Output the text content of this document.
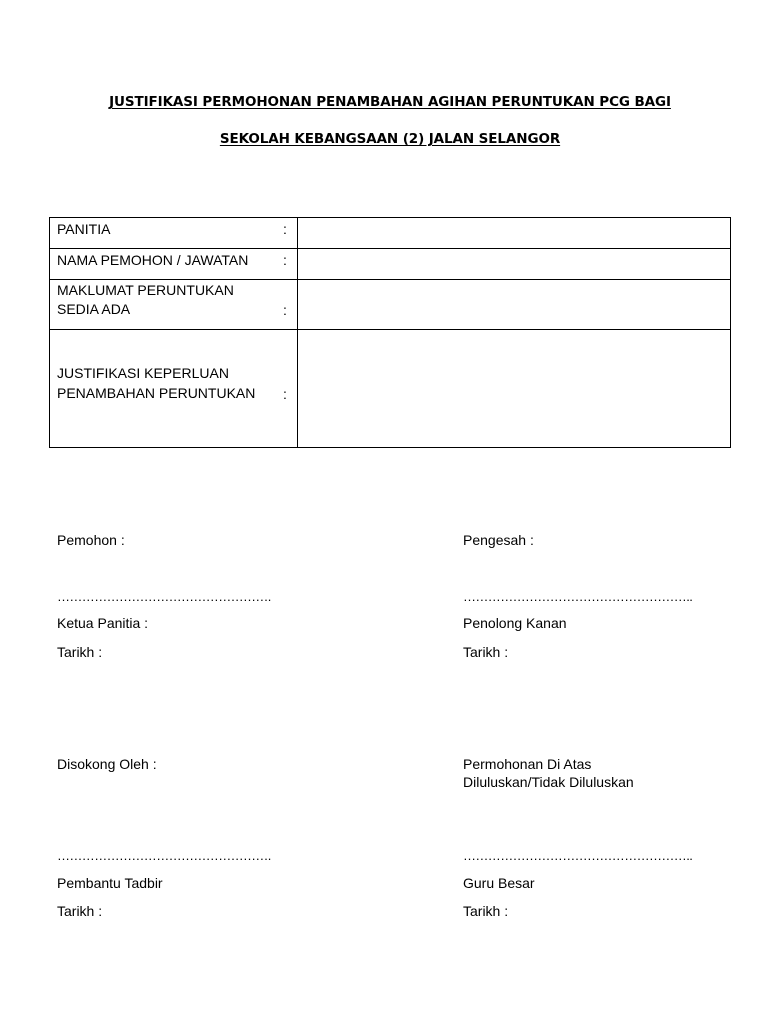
JUSTIFIKASI PERMOHONAN PENAMBAHAN AGIHAN PERUNTUKAN PCG BAGI
SEKOLAH KEBANGSAAN (2) JALAN SELANGOR
PANITIA :	

NAMA PEMOHON / JAWATAN :	

MAKLUMAT PERUNTUKAN
SEDIA ADA :	

JUSTIFIKASI KEPERLUAN
PENAMBAHAN PERUNTUKAN :	

Pemohon :
…………………………………………….
Ketua Panitia :
Tarikh :
Pengesah :
………………………………………………..
Penolong Kanan
Tarikh :
Disokong Oleh :
…………………………………………….
Pembantu Tadbir
Tarikh :
Permohonan Di Atas
Diluluskan/Tidak Diluluskan
………………………………………………..
Guru Besar
Tarikh :
